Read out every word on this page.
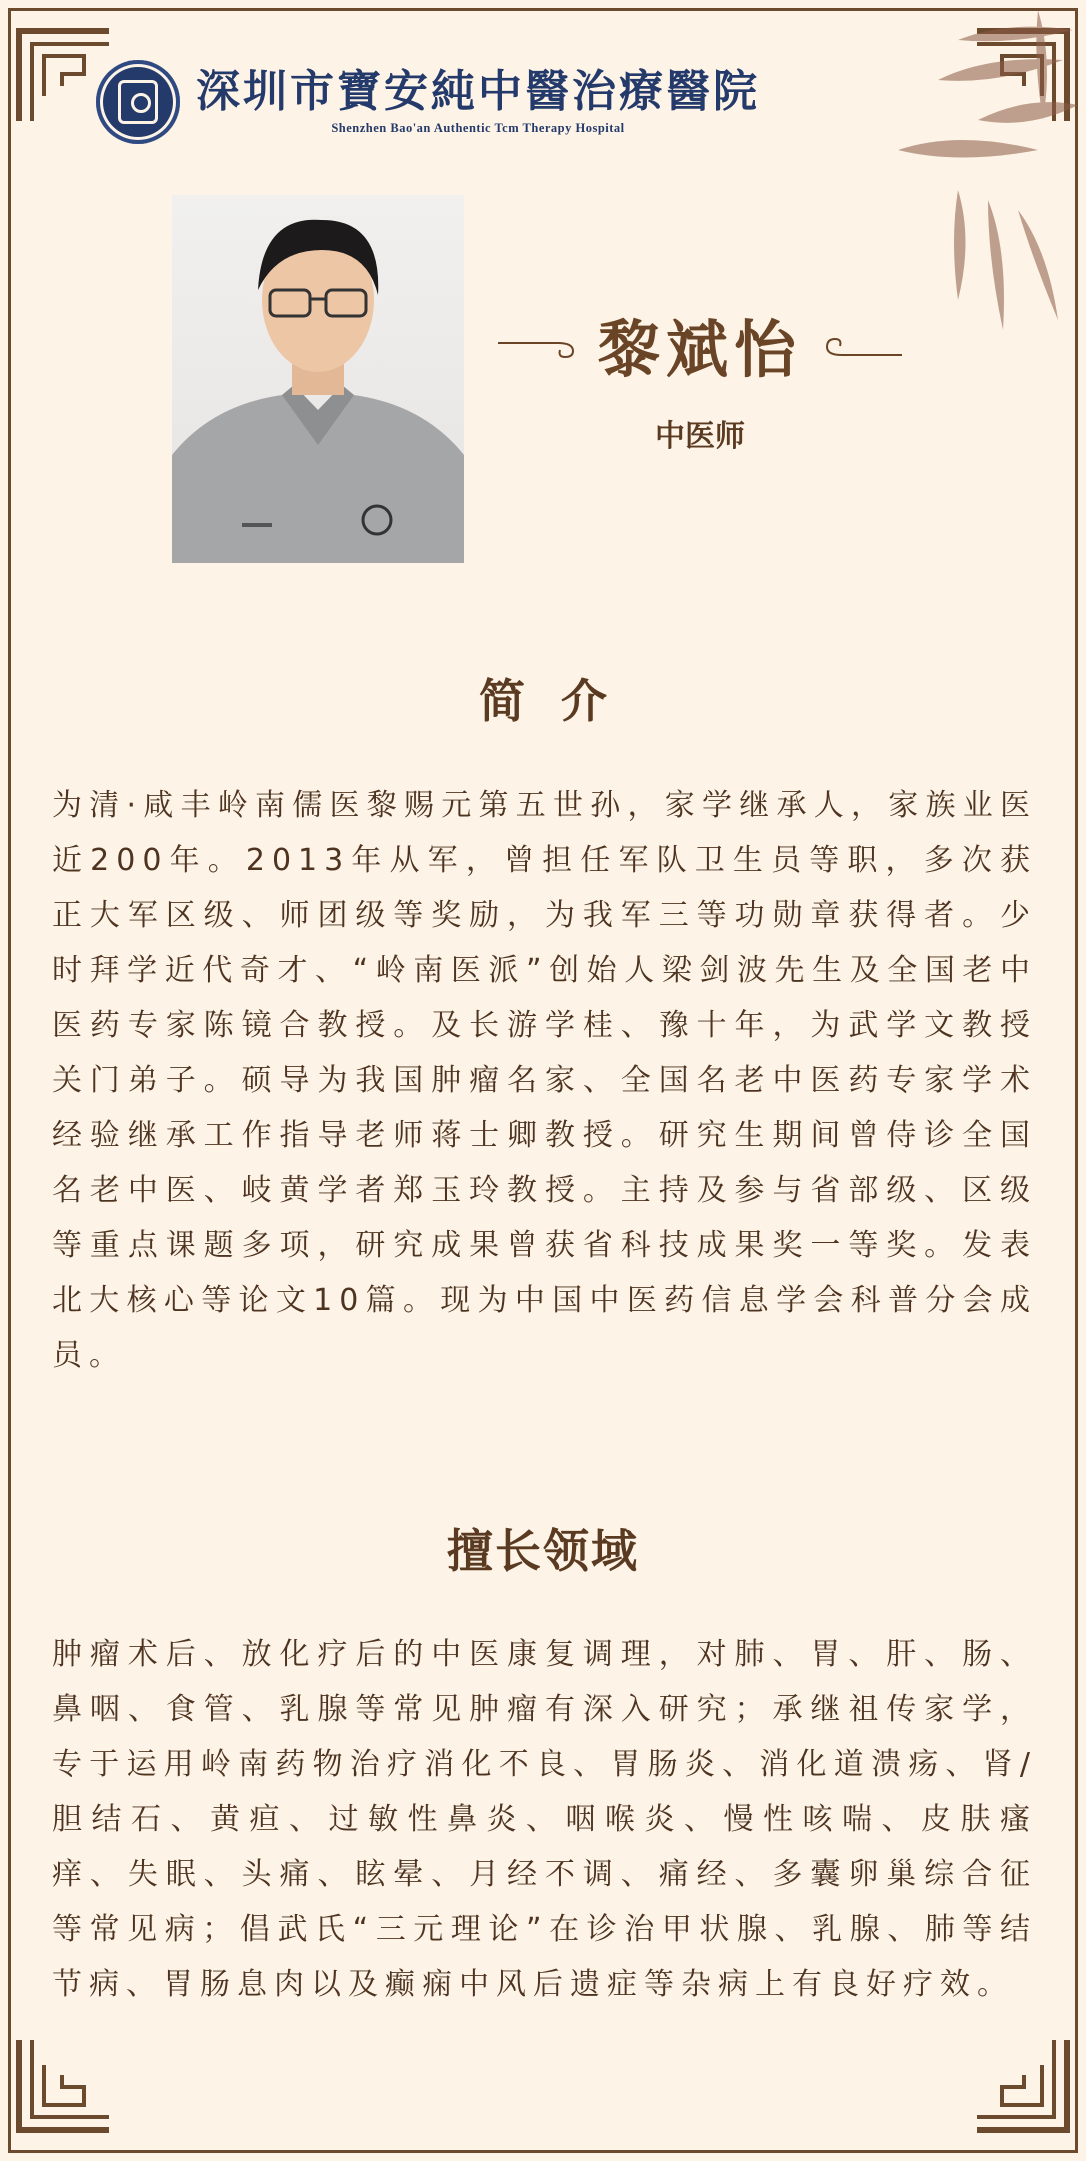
深圳市寶安純中醫治療醫院
Shenzhen Bao'an Authentic Tcm Therapy Hospital
黎斌怡
中医师
简介
为清·咸丰岭南儒医黎赐元第五世孙，家学继承人，家族业医近200年。2013年从军，曾担任军队卫生员等职，多次获正大军区级、师团级等奖励，为我军三等功勋章获得者。少时拜学近代奇才、“岭南医派”创始人梁剑波先生及全国老中医药专家陈镜合教授。及长游学桂、豫十年，为武学文教授关门弟子。硕导为我国肿瘤名家、全国名老中医药专家学术经验继承工作指导老师蒋士卿教授。研究生期间曾侍诊全国名老中医、岐黄学者郑玉玲教授。主持及参与省部级、区级等重点课题多项，研究成果曾获省科技成果奖一等奖。发表北大核心等论文10篇。现为中国中医药信息学会科普分会成员。
擅长领域
肿瘤术后、放化疗后的中医康复调理，对肺、胃、肝、肠、鼻咽、食管、乳腺等常见肿瘤有深入研究；承继祖传家学，专于运用岭南药物治疗消化不良、胃肠炎、消化道溃疡、肾/胆结石、黄疸、过敏性鼻炎、咽喉炎、慢性咳喘、皮肤瘙痒、失眠、头痛、眩晕、月经不调、痛经、多囊卵巢综合征等常见病；倡武氏“三元理论”在诊治甲状腺、乳腺、肺等结节病、胃肠息肉以及癫痫中风后遗症等杂病上有良好疗效。
